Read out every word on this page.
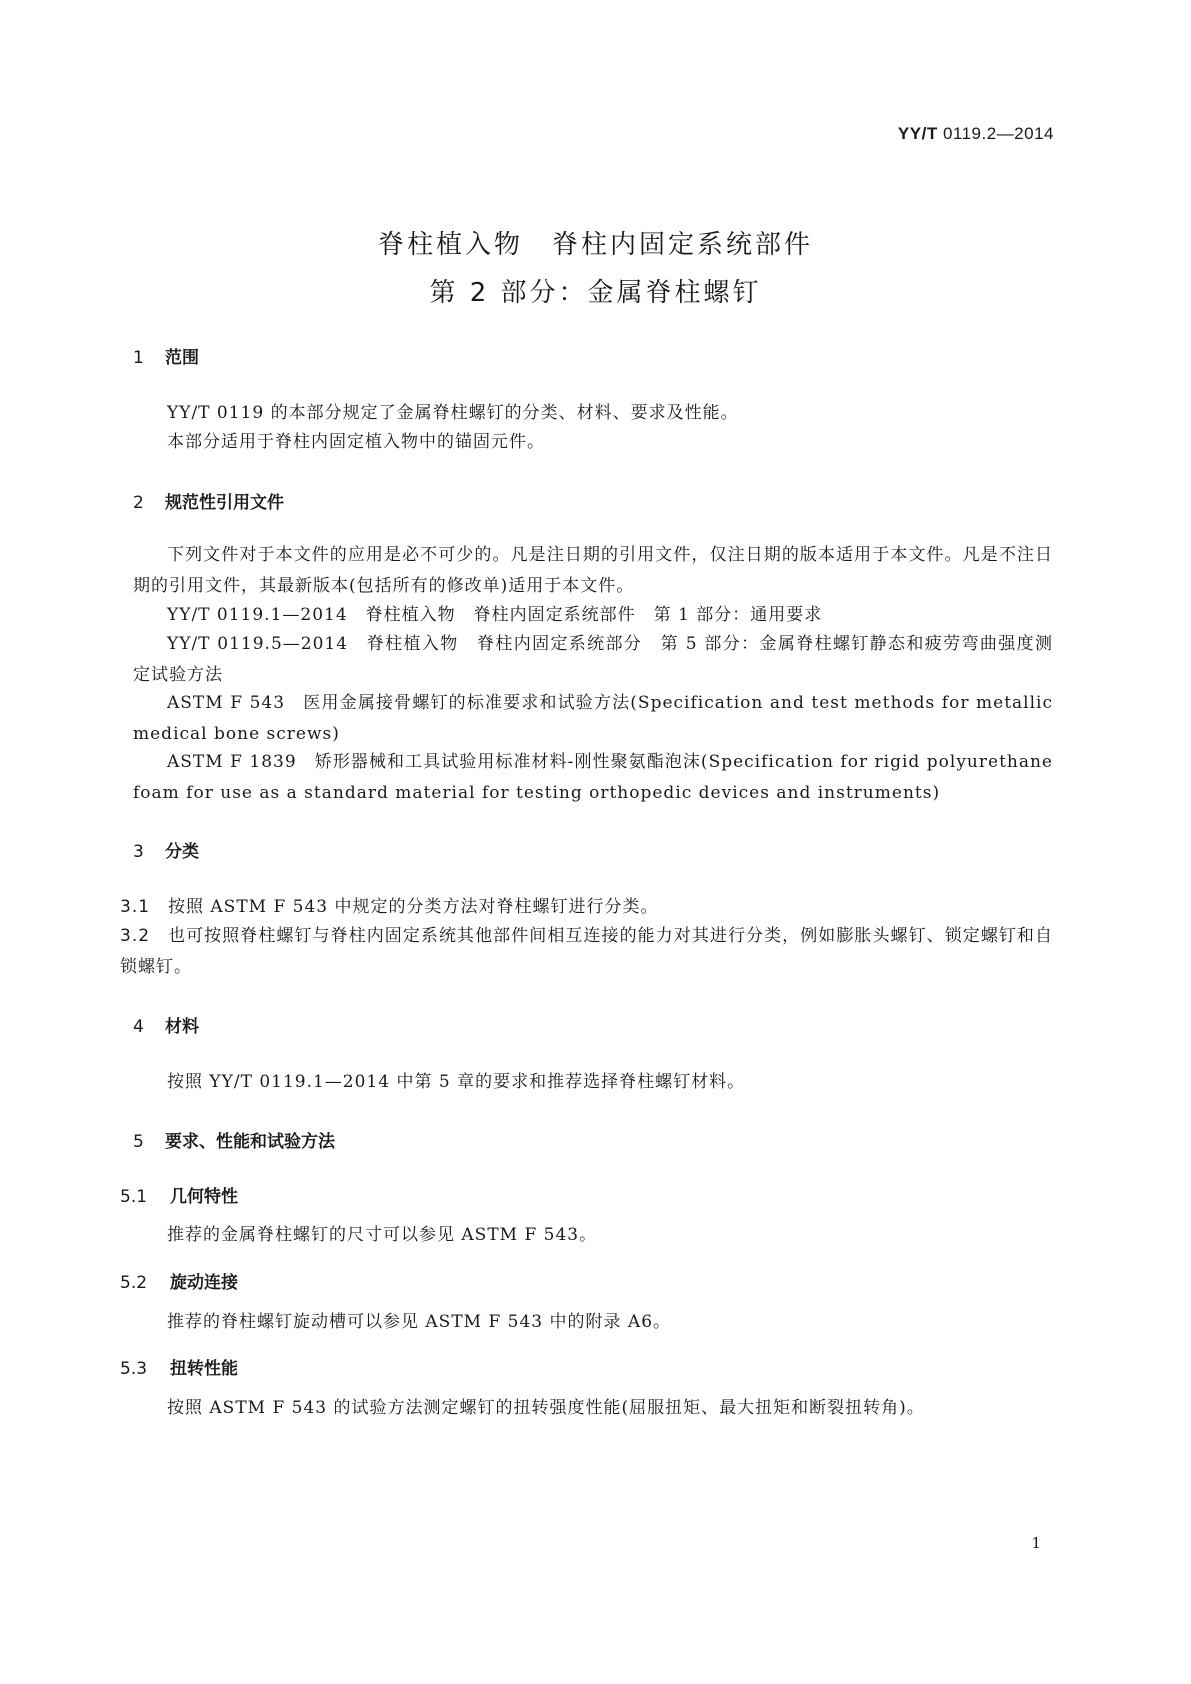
YY/T 0119.2—2014
脊柱植入物　脊柱内固定系统部件
第 2 部分：金属脊柱螺钉
1 范围
YY/T 0119 的本部分规定了金属脊柱螺钉的分类、材料、要求及性能。
本部分适用于脊柱内固定植入物中的锚固元件。
2 规范性引用文件
下列文件对于本文件的应用是必不可少的。凡是注日期的引用文件，仅注日期的版本适用于本文件。凡是不注日期的引用文件，其最新版本(包括所有的修改单)适用于本文件。
YY/T 0119.1—2014　脊柱植入物　脊柱内固定系统部件　第 1 部分：通用要求
YY/T 0119.5—2014　脊柱植入物　脊柱内固定系统部分　第 5 部分：金属脊柱螺钉静态和疲劳弯曲强度测定试验方法
ASTM F 543　医用金属接骨螺钉的标准要求和试验方法(Specification and test methods for metallic medical bone screws)
ASTM F 1839　矫形器械和工具试验用标准材料-刚性聚氨酯泡沫(Specification for rigid polyurethane foam for use as a standard material for testing orthopedic devices and instruments)
3 分类
3.1 按照 ASTM F 543 中规定的分类方法对脊柱螺钉进行分类。
3.2 也可按照脊柱螺钉与脊柱内固定系统其他部件间相互连接的能力对其进行分类，例如膨胀头螺钉、锁定螺钉和自锁螺钉。
4 材料
按照 YY/T 0119.1—2014 中第 5 章的要求和推荐选择脊柱螺钉材料。
5 要求、性能和试验方法
5.1 几何特性
推荐的金属脊柱螺钉的尺寸可以参见 ASTM F 543。
5.2 旋动连接
推荐的脊柱螺钉旋动槽可以参见 ASTM F 543 中的附录 A6。
5.3 扭转性能
按照 ASTM F 543 的试验方法测定螺钉的扭转强度性能(屈服扭矩、最大扭矩和断裂扭转角)。
1
